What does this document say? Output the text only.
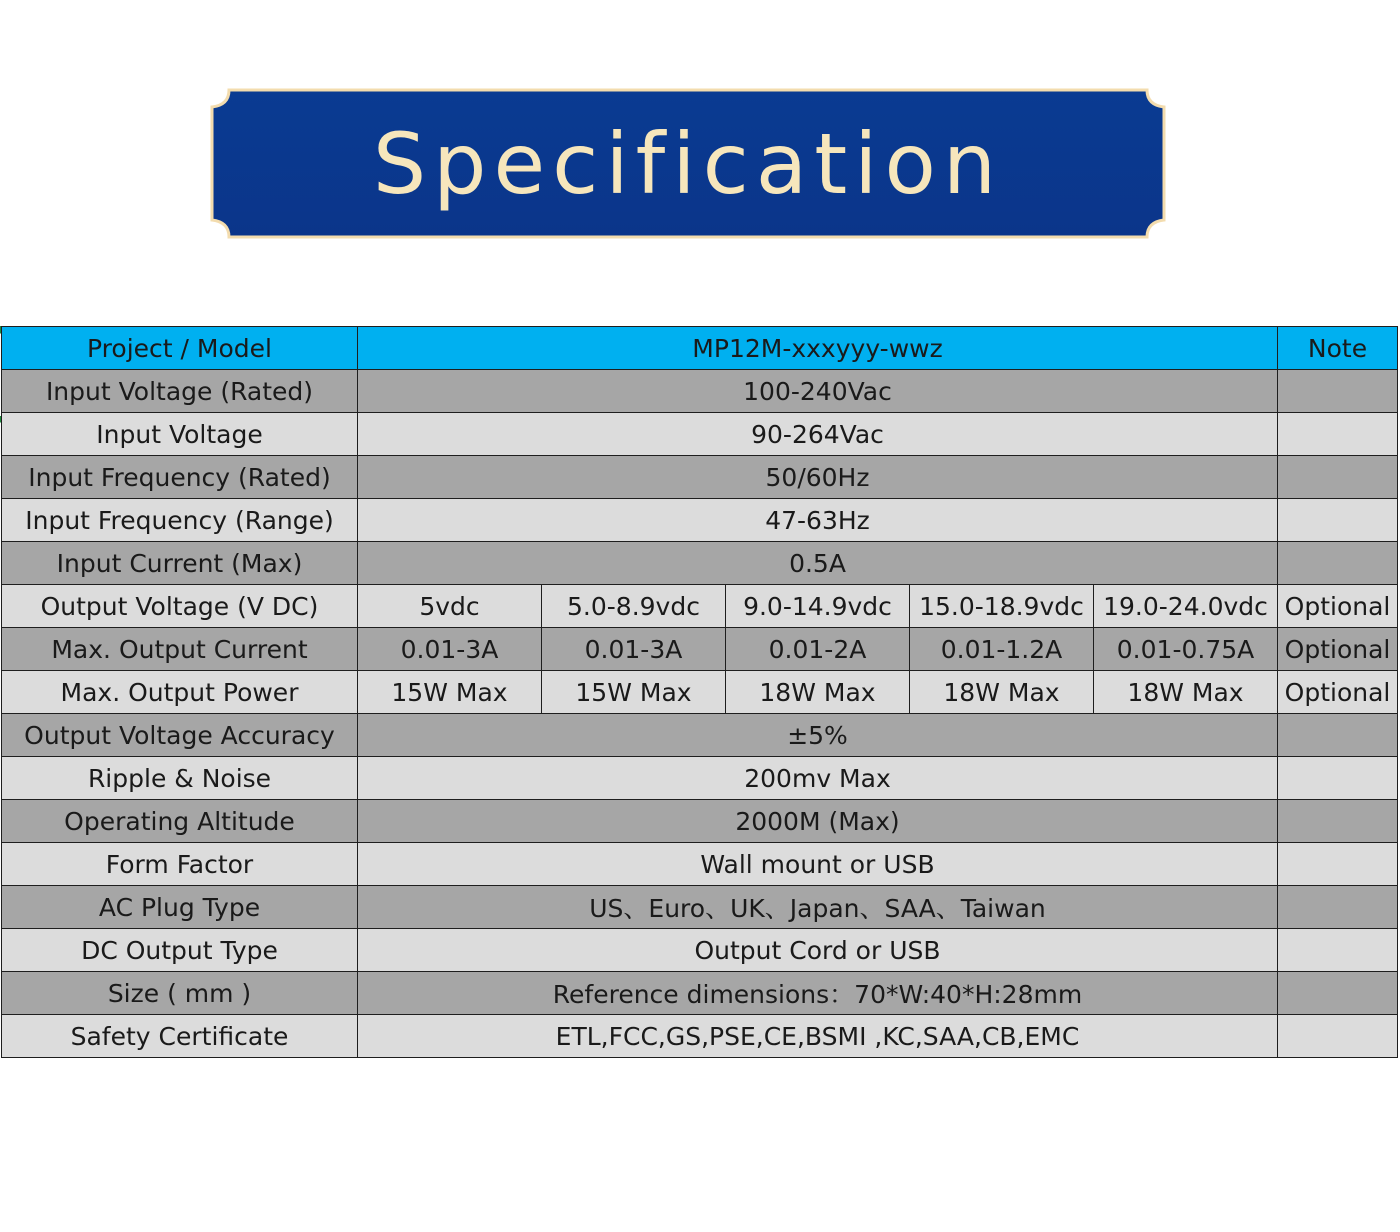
Specification
Project / Model	MP12M-xxxyyy-wwz					Note
Input Voltage (Rated)	100-240Vac					
Input Voltage	90-264Vac					
Input Frequency (Rated)	50/60Hz					
Input Frequency (Range)	47-63Hz					
Input Current (Max)	0.5A					
Output Voltage (V DC)	5vdc	5.0-8.9vdc	9.0-14.9vdc	15.0-18.9vdc	19.0-24.0vdc	Optional
Max. Output Current	0.01-3A	0.01-3A	0.01-2A	0.01-1.2A	0.01-0.75A	Optional
Max. Output Power	15W Max	15W Max	18W Max	18W Max	18W Max	Optional
Output Voltage Accuracy	±5%					
Ripple & Noise	200mv Max					
Operating Altitude	2000M (Max)					
Form Factor	Wall mount or USB					
AC Plug Type	US、Euro、UK、Japan、SAA、Taiwan					
DC Output Type	Output Cord or USB					
Size ( mm )	Reference dimensions：70*W:40*H:28mm					
Safety Certificate	ETL,FCC,GS,PSE,CE,BSMI ,KC,SAA,CB,EMC					
